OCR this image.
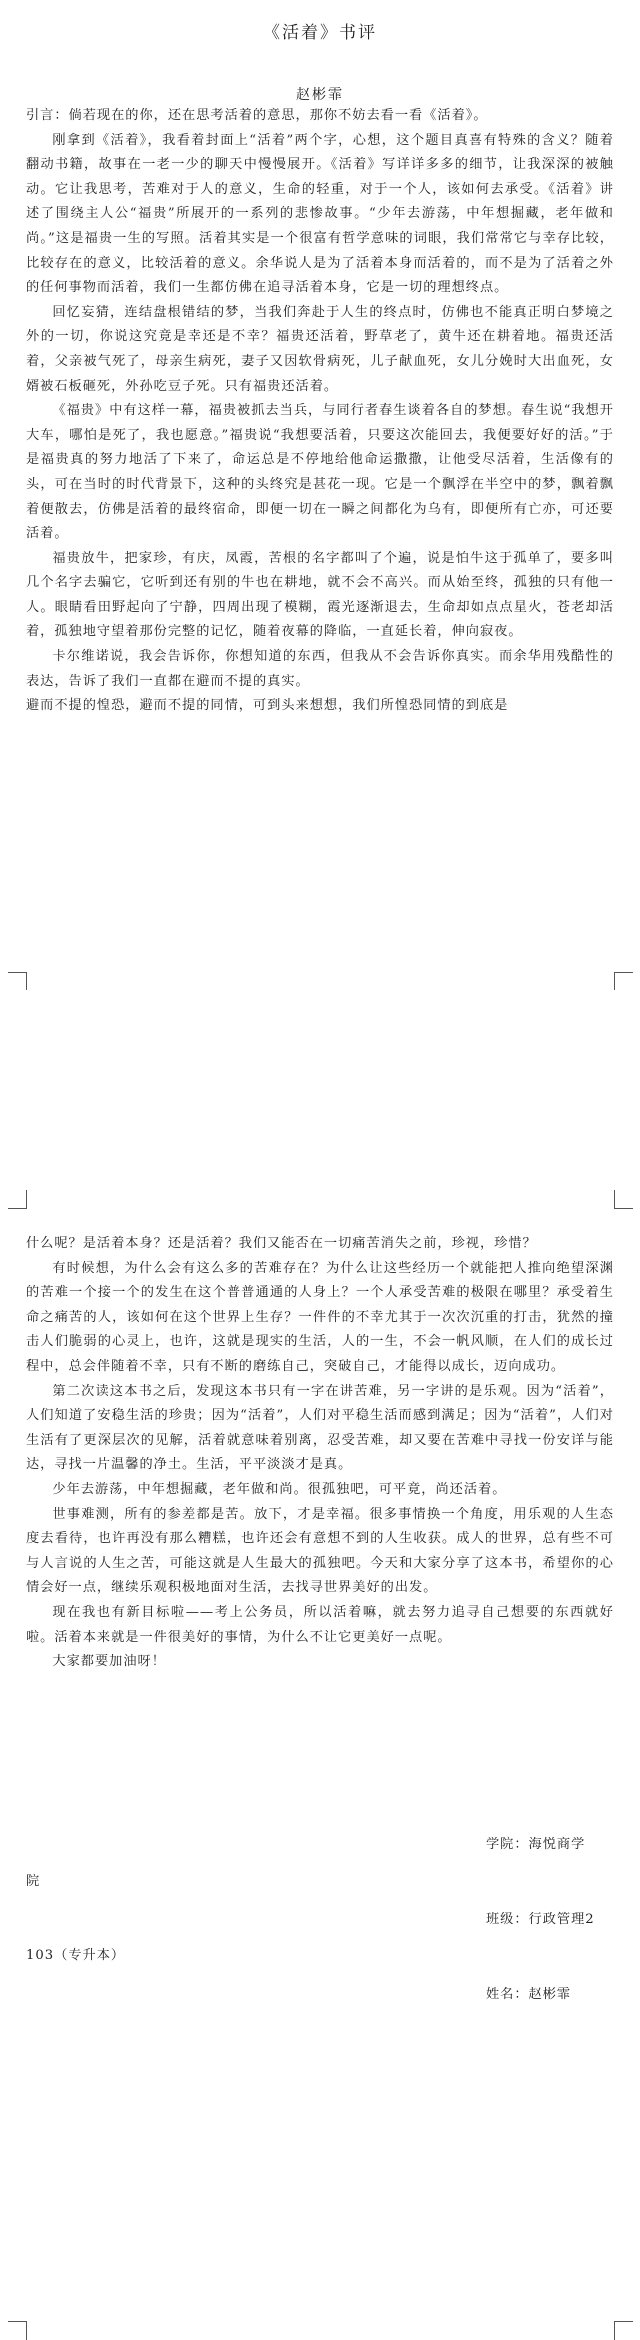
《活着》书评
赵彬霏

引言：倘若现在的你，还在思考活着的意思，那你不妨去看一看《活着》。

刚拿到《活着》，我看着封面上“活着”两个字，心想，这个题目真喜有特殊的含义？随着翻动书籍，故事在一老一少的聊天中慢慢展开。《活着》写详详多多的细节，让我深深的被触动。它让我思考，苦难对于人的意义，生命的轻重，对于一个人，该如何去承受。《活着》讲述了围绕主人公“福贵”所展开的一系列的悲惨故事。“少年去游荡，中年想掘藏，老年做和尚。”这是福贵一生的写照。活着其实是一个很富有哲学意味的词眼，我们常常它与幸存比较，比较存在的意义，比较活着的意义。余华说人是为了活着本身而活着的，而不是为了活着之外的任何事物而活着，我们一生都仿佛在追寻活着本身，它是一切的理想终点。

回忆妄猜，连结盘根错结的梦，当我们奔赴于人生的终点时，仿佛也不能真正明白梦境之外的一切，你说这究竟是幸还是不幸？福贵还活着，野草老了，黄牛还在耕着地。福贵还活着，父亲被气死了，母亲生病死，妻子又因软骨病死，儿子献血死，女儿分娩时大出血死，女婿被石板砸死，外孙吃豆子死。只有福贵还活着。

《福贵》中有这样一幕，福贵被抓去当兵，与同行者春生谈着各自的梦想。春生说“我想开大车，哪怕是死了，我也愿意。”福贵说“我想要活着，只要这次能回去，我便要好好的活。”于是福贵真的努力地活了下来了，命运总是不停地给他命运撒撒，让他受尽活着，生活像有的头，可在当时的时代背景下，这种的头终究是甚花一现。它是一个飘浮在半空中的梦，飘着飘着便散去，仿佛是活着的最终宿命，即便一切在一瞬之间都化为乌有，即便所有亡亦，可还要活着。

福贵放牛，把家珍，有庆，凤霞，苦根的名字都叫了个遍，说是怕牛这于孤单了，要多叫几个名字去骗它，它听到还有别的牛也在耕地，就不会不高兴。而从始至终，孤独的只有他一人。眼睛看田野起向了宁静，四周出现了模糊，霞光逐渐退去，生命却如点点星火，苍老却活着，孤独地守望着那份完整的记忆，随着夜幕的降临，一直延长着，伸向寂夜。

卡尔维诺说，我会告诉你，你想知道的东西，但我从不会告诉你真实。而余华用残酷性的表达，告诉了我们一直都在避而不提的真实。

避而不提的惶恐，避而不提的同情，可到头来想想，我们所惶恐同情的到底是

什么呢？是活着本身？还是活着？我们又能否在一切痛苦消失之前，珍视，珍惜？

有时候想，为什么会有这么多的苦难存在？为什么让这些经历一个就能把人推向绝望深渊的苦难一个接一个的发生在这个普普通通的人身上？一个人承受苦难的极限在哪里？承受着生命之痛苦的人，该如何在这个世界上生存？一件件的不幸尤其于一次次沉重的打击，犹然的撞击人们脆弱的心灵上，也许，这就是现实的生活，人的一生，不会一帆风顺，在人们的成长过程中，总会伴随着不幸，只有不断的磨练自己，突破自己，才能得以成长，迈向成功。

第二次读这本书之后，发现这本书只有一字在讲苦难，另一字讲的是乐观。因为“活着”，人们知道了安稳生活的珍贵；因为“活着”，人们对平稳生活而感到满足；因为“活着”，人们对生活有了更深层次的见解，活着就意味着别离，忍受苦难，却又要在苦难中寻找一份安详与能达，寻找一片温馨的净土。生活，平平淡淡才是真。

少年去游荡，中年想掘藏，老年做和尚。很孤独吧，可平竟，尚还活着。

世事难测，所有的参差都是苦。放下，才是幸福。很多事情换一个角度，用乐观的人生态度去看待，也许再没有那么糟糕，也许还会有意想不到的人生收获。成人的世界，总有些不可与人言说的人生之苦，可能这就是人生最大的孤独吧。今天和大家分享了这本书，希望你的心情会好一点，继续乐观积极地面对生活，去找寻世界美好的出发。

现在我也有新目标啦——考上公务员，所以活着嘛，就去努力追寻自己想要的东西就好啦。活着本来就是一件很美好的事情，为什么不让它更美好一点呢。

大家都要加油呀！

学院：海悦商学
院
班级：行政管理2
103（专升本）
姓名：赵彬霏
